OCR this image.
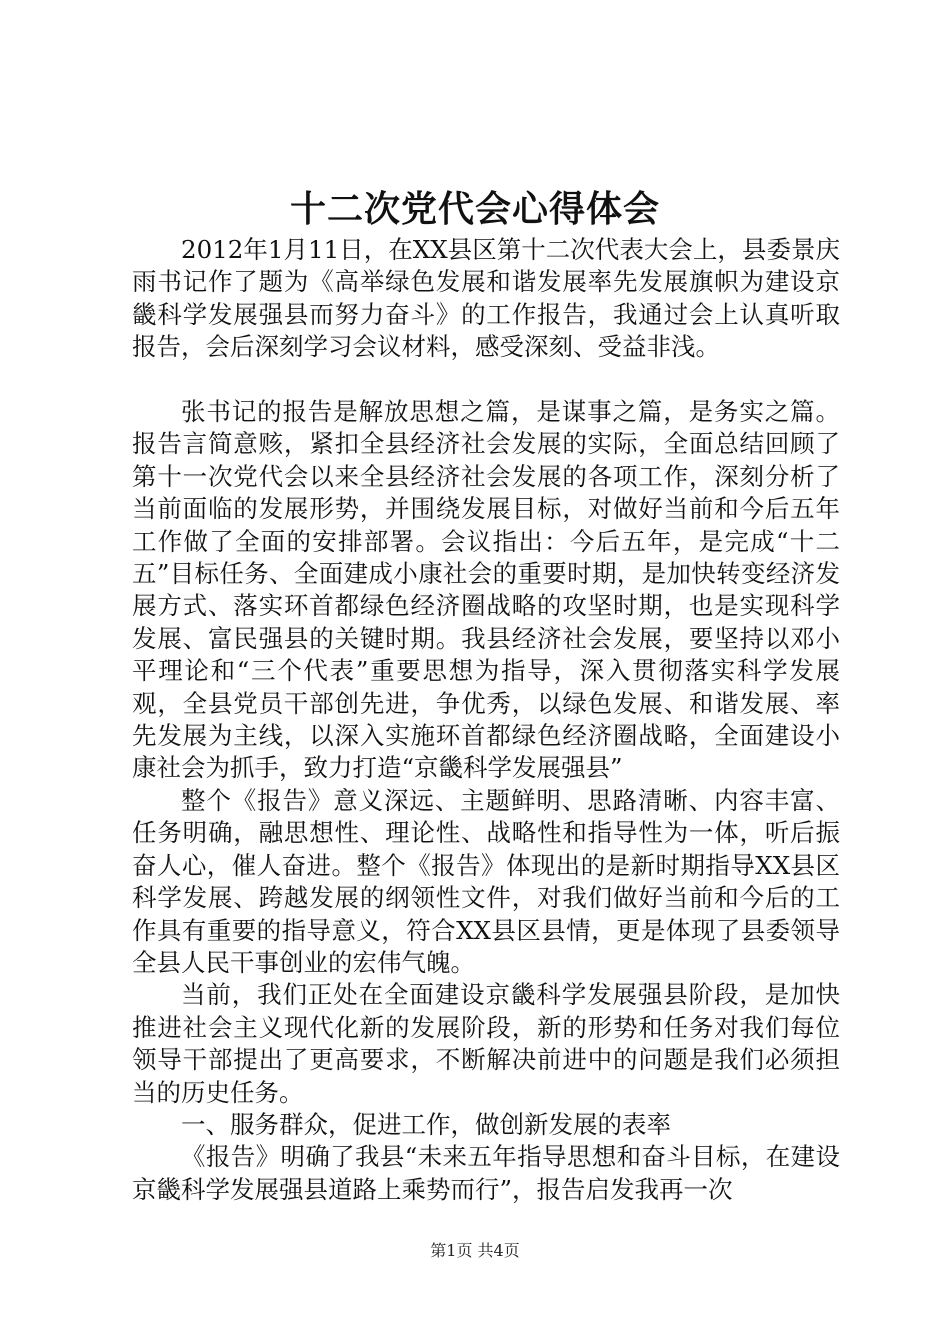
十二次党代会心得体会

2012年1月11日，在XX县区第十二次代表大会上，县委景庆雨书记作了题为《高举绿色发展和谐发展率先发展旗帜为建设京畿科学发展强县而努力奋斗》的工作报告，我通过会上认真听取报告，会后深刻学习会议材料，感受深刻、受益非浅。

张书记的报告是解放思想之篇，是谋事之篇，是务实之篇。报告言简意赅，紧扣全县经济社会发展的实际，全面总结回顾了第十一次党代会以来全县经济社会发展的各项工作，深刻分析了当前面临的发展形势，并围绕发展目标，对做好当前和今后五年工作做了全面的安排部署。会议指出：今后五年，是完成“十二五”目标任务、全面建成小康社会的重要时期，是加快转变经济发展方式、落实环首都绿色经济圈战略的攻坚时期，也是实现科学发展、富民强县的关键时期。我县经济社会发展，要坚持以邓小平理论和“三个代表”重要思想为指导，深入贯彻落实科学发展观，全县党员干部创先进，争优秀，以绿色发展、和谐发展、率先发展为主线，以深入实施环首都绿色经济圈战略，全面建设小康社会为抓手，致力打造“京畿科学发展强县”

整个《报告》意义深远、主题鲜明、思路清晰、内容丰富、任务明确，融思想性、理论性、战略性和指导性为一体，听后振奋人心，催人奋进。整个《报告》体现出的是新时期指导XX县区科学发展、跨越发展的纲领性文件，对我们做好当前和今后的工作具有重要的指导意义，符合XX县区县情，更是体现了县委领导全县人民干事创业的宏伟气魄。

当前，我们正处在全面建设京畿科学发展强县阶段，是加快推进社会主义现代化新的发展阶段，新的形势和任务对我们每位领导干部提出了更高要求，不断解决前进中的问题是我们必须担当的历史任务。

一、服务群众，促进工作，做创新发展的表率

《报告》明确了我县“未来五年指导思想和奋斗目标，在建设京畿科学发展强县道路上乘势而行”，报告启发我再一次

第1页 共4页
